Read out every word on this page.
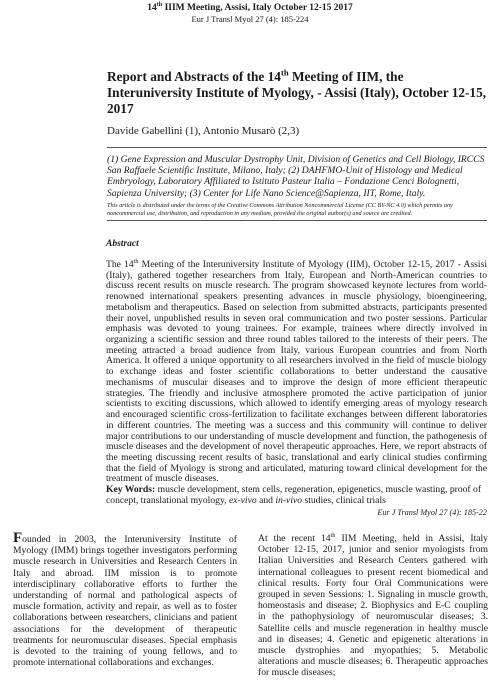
14th IIIM Meeting, Assisi, Italy October 12-15 2017
Eur J Transl Myol 27 (4): 185-224
Report and Abstracts of the 14th Meeting of IIM, the Interuniversity Institute of Myology, - Assisi (Italy), October 12-15, 2017
Davide Gabellini (1), Antonio Musarò (2,3)
(1) Gene Expression and Muscular Dystrophy Unit, Division of Genetics and Cell Biology, IRCCS San Raffaele Scientific Institute, Milano, Italy; (2) DAHFMO-Unit of Histology and Medical Embryology, Laboratory Affiliated to Istituto Pasteur Italia – Fondazione Cenci Bolognetti, Sapienza University; (3) Center for Life Nano Science@Sapienza, IIT, Rome, Italy.
This article is distributed under the terms of the Creative Commons Attribution Noncommercial License (CC BY-NC 4.0) which permits any noncommercial use, distribution, and reproduction in any medium, provided the original author(s) and source are credited.
Abstract
The 14th Meeting of the Interuniversity Institute of Myology (IIM), October 12-15, 2017 - Assisi (Italy), gathered together researchers from Italy, European and North-American countries to discuss recent results on muscle research. The program showcased keynote lectures from world-renowned international speakers presenting advances in muscle physiology, bioengineering, metabolism and therapeutics. Based on selection from submitted abstracts, participants presented their novel, unpublished results in seven oral communication and two poster sessions. Particular emphasis was devoted to young trainees. For example, trainees where directly involved in organizing a scientific session and three round tables tailored to the interests of their peers. The meeting attracted a broad audience from Italy, various European countries and from North America. It offered a unique opportunity to all researchers involved in the field of muscle biology to exchange ideas and foster scientific collaborations to better understand the causative mechanisms of muscular diseases and to improve the design of more efficient therapeutic strategies. The friendly and inclusive atmosphere promoted the active participation of junior scientists to exciting discussions, which allowed to identify emerging areas of myology research and encouraged scientific cross-fertilization to facilitate exchanges between different laboratories in different countries. The meeting was a success and this community will continue to deliver major contributions to our understanding of muscle development and function, the pathogenesis of muscle diseases and the development of novel therapeutic approaches. Here, we report abstracts of the meeting discussing recent results of basic, translational and early clinical studies confirming that the field of Myology is strong and articulated, maturing toward clinical development for the treatment of muscle diseases.
Key Words: muscle development, stem cells, regeneration, epigenetics, muscle wasting, proof of concept, translational myology, ex-vivo and in-vivo studies, clinical trials
Eur J Transl Myol 27 (4): 185-22
Founded in 2003, the Interuniversity Institute of Myology (IMM) brings together investigators performing muscle research in Universities and Research Centers in Italy and abroad. IIM mission is to promote interdisciplinary collaborative efforts to further the understanding of normal and pathological aspects of muscle formation, activity and repair, as well as to foster collaborations between researchers, clinicians and patient associations for the development of therapeutic treatments for neuromuscular diseases. Special emphasis is devoted to the training of young fellows, and to promote international collaborations and exchanges.
At the recent 14th IIM Meeting, held in Assisi, Italy October 12-15, 2017, junior and senior myologists from Italian Universities and Research Centers gathered with international colleagues to present recent biomedical and clinical results. Forty four Oral Communications were grouped in seven Sessions: 1. Signaling in muscle growth, homeostasis and disease; 2. Biophysics and E-C coupling in the pathophysiology of neuromuscular diseases; 3. Satellite cells and muscle regeneration in healthy muscle and in diseases; 4. Genetic and epigenetic alterations in muscle dystrophies and myopathies; 5. Metabolic alterations and muscle diseases; 6. Therapeutic approaches for muscle diseases;
